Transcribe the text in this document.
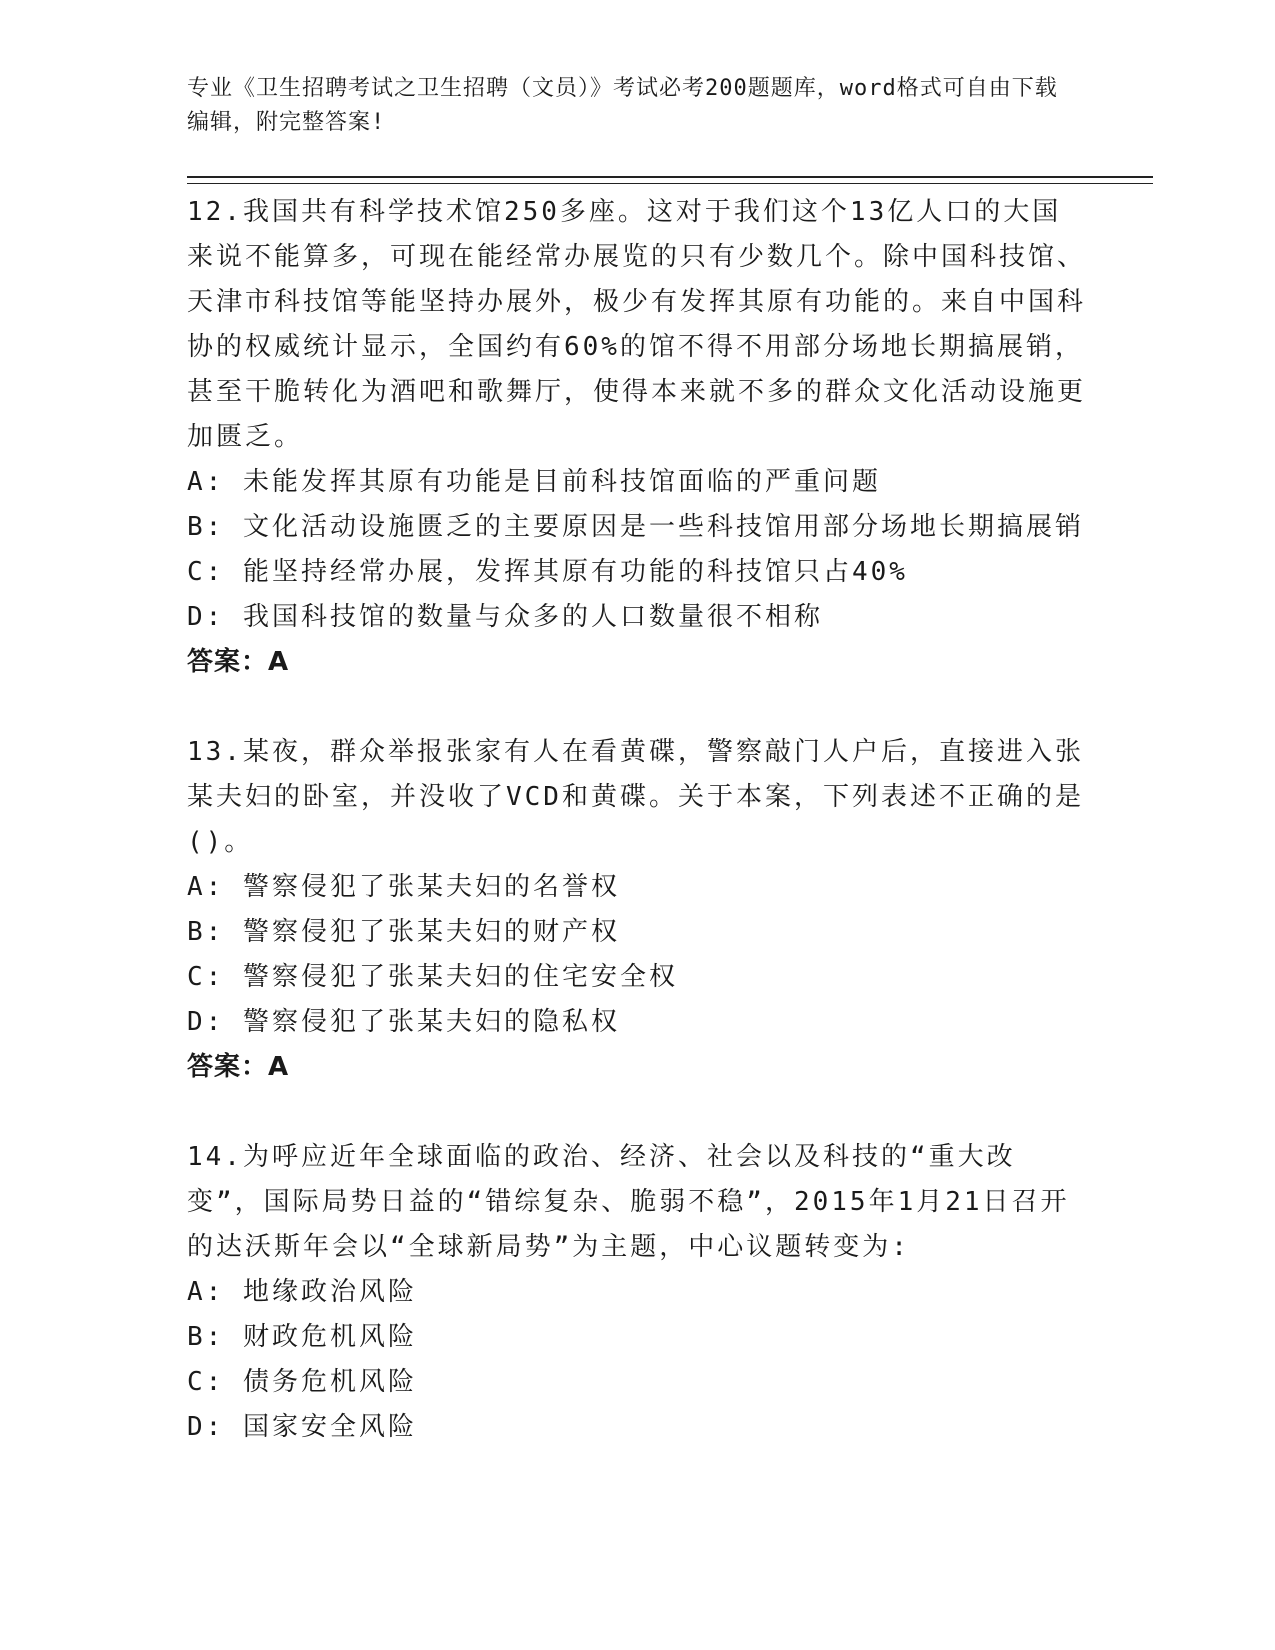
专业《卫生招聘考试之卫生招聘（文员）》考试必考200题题库，word格式可自由下载编辑，附完整答案!

12.我国共有科学技术馆250多座。这对于我们这个13亿人口的大国来说不能算多，可现在能经常办展览的只有少数几个。除中国科技馆、天津市科技馆等能坚持办展外，极少有发挥其原有功能的。来自中国科协的权威统计显示，全国约有60%的馆不得不用部分场地长期搞展销，甚至干脆转化为酒吧和歌舞厅，使得本来就不多的群众文化活动设施更加匮乏。

A: 未能发挥其原有功能是目前科技馆面临的严重问题

B: 文化活动设施匮乏的主要原因是一些科技馆用部分场地长期搞展销

C: 能坚持经常办展，发挥其原有功能的科技馆只占40%

D: 我国科技馆的数量与众多的人口数量很不相称

答案：A

13.某夜，群众举报张家有人在看黄碟，警察敲门人户后，直接进入张某夫妇的卧室，并没收了VCD和黄碟。关于本案，下列表述不正确的是()。

A: 警察侵犯了张某夫妇的名誉权

B: 警察侵犯了张某夫妇的财产权

C: 警察侵犯了张某夫妇的住宅安全权

D: 警察侵犯了张某夫妇的隐私权

答案：A

14.为呼应近年全球面临的政治、经济、社会以及科技的“重大改变”，国际局势日益的“错综复杂、脆弱不稳”，2015年1月21日召开的达沃斯年会以“全球新局势”为主题，中心议题转变为:

A: 地缘政治风险

B: 财政危机风险

C: 债务危机风险

D: 国家安全风险
